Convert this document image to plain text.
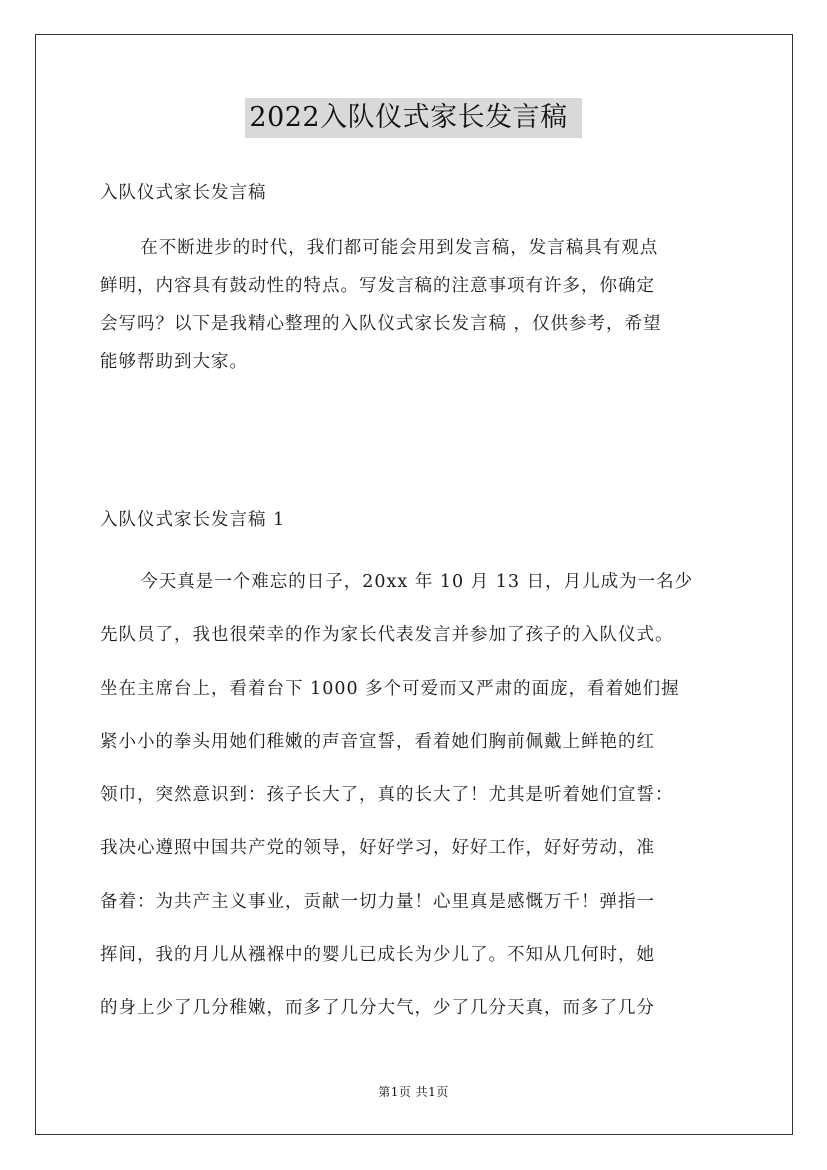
2022入队仪式家长发言稿
入队仪式家长发言稿
在不断进步的时代，我们都可能会用到发言稿，发言稿具有观点
鲜明，内容具有鼓动性的特点。写发言稿的注意事项有许多，你确定
会写吗？以下是我精心整理的入队仪式家长发言稿 ，仅供参考，希望
能够帮助到大家。
入队仪式家长发言稿 1
今天真是一个难忘的日子，20xx 年 10 月 13 日，月儿成为一名少
先队员了，我也很荣幸的作为家长代表发言并参加了孩子的入队仪式。
坐在主席台上，看着台下 1000 多个可爱而又严肃的面庞，看着她们握
紧小小的拳头用她们稚嫩的声音宣誓，看着她们胸前佩戴上鲜艳的红
领巾，突然意识到：孩子长大了，真的长大了！尤其是听着她们宣誓：
我决心遵照中国共产党的领导，好好学习，好好工作，好好劳动，准
备着：为共产主义事业，贡献一切力量！心里真是感慨万千！弹指一
挥间，我的月儿从襁褓中的婴儿已成长为少儿了。不知从几何时，她
的身上少了几分稚嫩，而多了几分大气，少了几分天真，而多了几分
第1页 共1页
